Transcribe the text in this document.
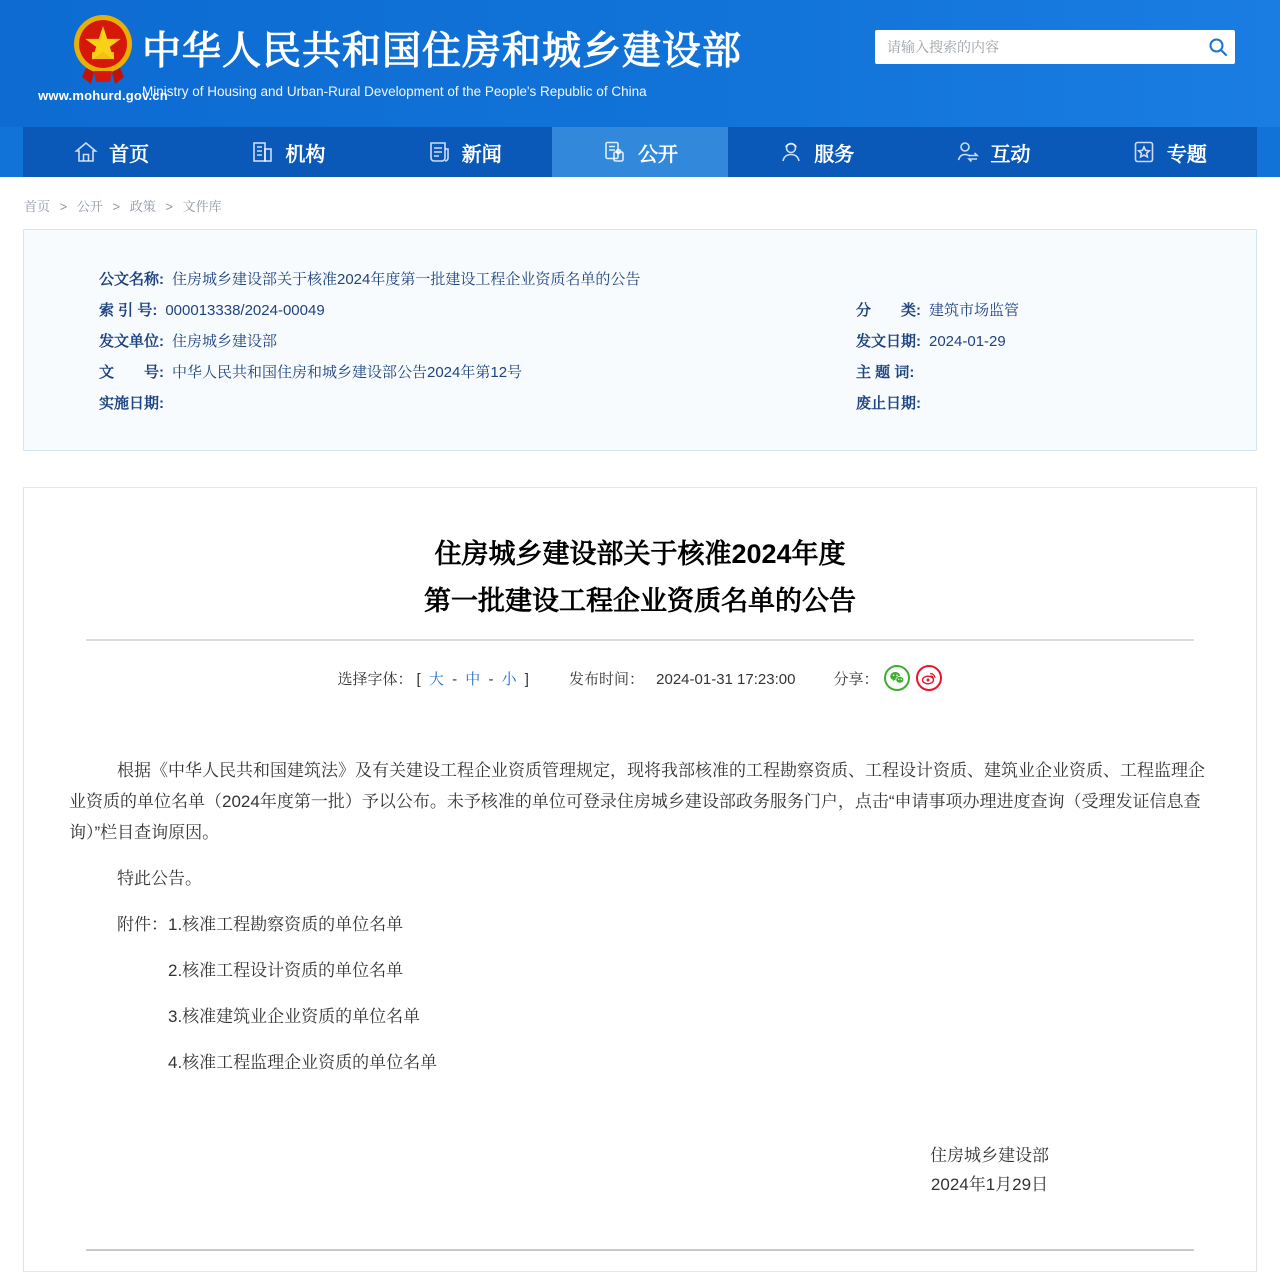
www.mohurd.gov.cn
中华人民共和国住房和城乡建设部
Ministry of Housing and Urban-Rural Development of the People's Republic of China
请输入搜索的内容
首页	机构	新闻	公开	服务	互动	专题
首页 > 公开 > 政策 > 文件库
公文名称: 住房城乡建设部关于核准2024年度第一批建设工程企业资质名单的公告
索 引 号: 000013338/2024-00049	分　　类: 建筑市场监管
发文单位: 住房城乡建设部	发文日期: 2024-01-29
文　　号: 中华人民共和国住房和城乡建设部公告2024年第12号	主 题 词:
实施日期:	废止日期:
住房城乡建设部关于核准2024年度
第一批建设工程企业资质名单的公告
选择字体： [ 大 - 中 - 小 ]	发布时间： 2024-01-31 17:23:00	分享：

根据《中华人民共和国建筑法》及有关建设工程企业资质管理规定，现将我部核准的工程勘察资质、工程设计资质、建筑业企业资质、工程监理企业资质的单位名单（2024年度第一批）予以公布。未予核准的单位可登录住房城乡建设部政务服务门户，点击“申请事项办理进度查询（受理发证信息查询）”栏目查询原因。

特此公告。

附件： 1.核准工程勘察资质的单位名单
2.核准工程设计资质的单位名单
3.核准建筑业企业资质的单位名单
4.核准工程监理企业资质的单位名单
住房城乡建设部
2024年1月29日
